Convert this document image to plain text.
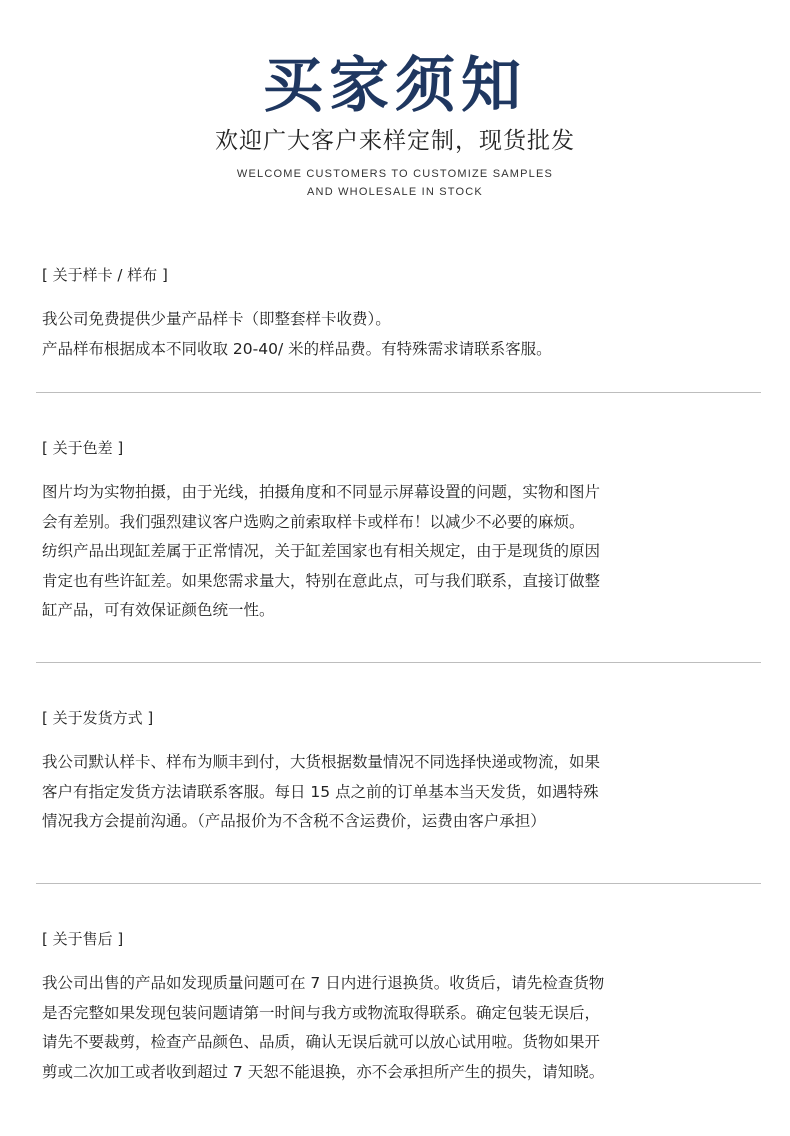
买家须知
欢迎广大客户来样定制，现货批发
WELCOME CUSTOMERS TO CUSTOMIZE SAMPLES
AND WHOLESALE IN STOCK
[ 关于样卡 / 样布 ]

我公司免费提供少量产品样卡（即整套样卡收费）。

产品样布根据成本不同收取 20-40/ 米的样品费。有特殊需求请联系客服。

[ 关于色差 ]

图片均为实物拍摄，由于光线，拍摄角度和不同显示屏幕设置的问题，实物和图片

会有差别。我们强烈建议客户选购之前索取样卡或样布！以减少不必要的麻烦。

纺织产品出现缸差属于正常情况，关于缸差国家也有相关规定，由于是现货的原因

肯定也有些许缸差。如果您需求量大，特别在意此点，可与我们联系，直接订做整

缸产品，可有效保证颜色统一性。

[ 关于发货方式 ]

我公司默认样卡、样布为顺丰到付，大货根据数量情况不同选择快递或物流，如果

客户有指定发货方法请联系客服。每日 15 点之前的订单基本当天发货，如遇特殊

情况我方会提前沟通。（产品报价为不含税不含运费价，运费由客户承担）

[ 关于售后 ]

我公司出售的产品如发现质量问题可在 7 日内进行退换货。收货后，请先检查货物

是否完整如果发现包装问题请第一时间与我方或物流取得联系。确定包装无误后，

请先不要裁剪，检查产品颜色、品质，确认无误后就可以放心试用啦。货物如果开

剪或二次加工或者收到超过 7 天恕不能退换，亦不会承担所产生的损失，请知晓。
